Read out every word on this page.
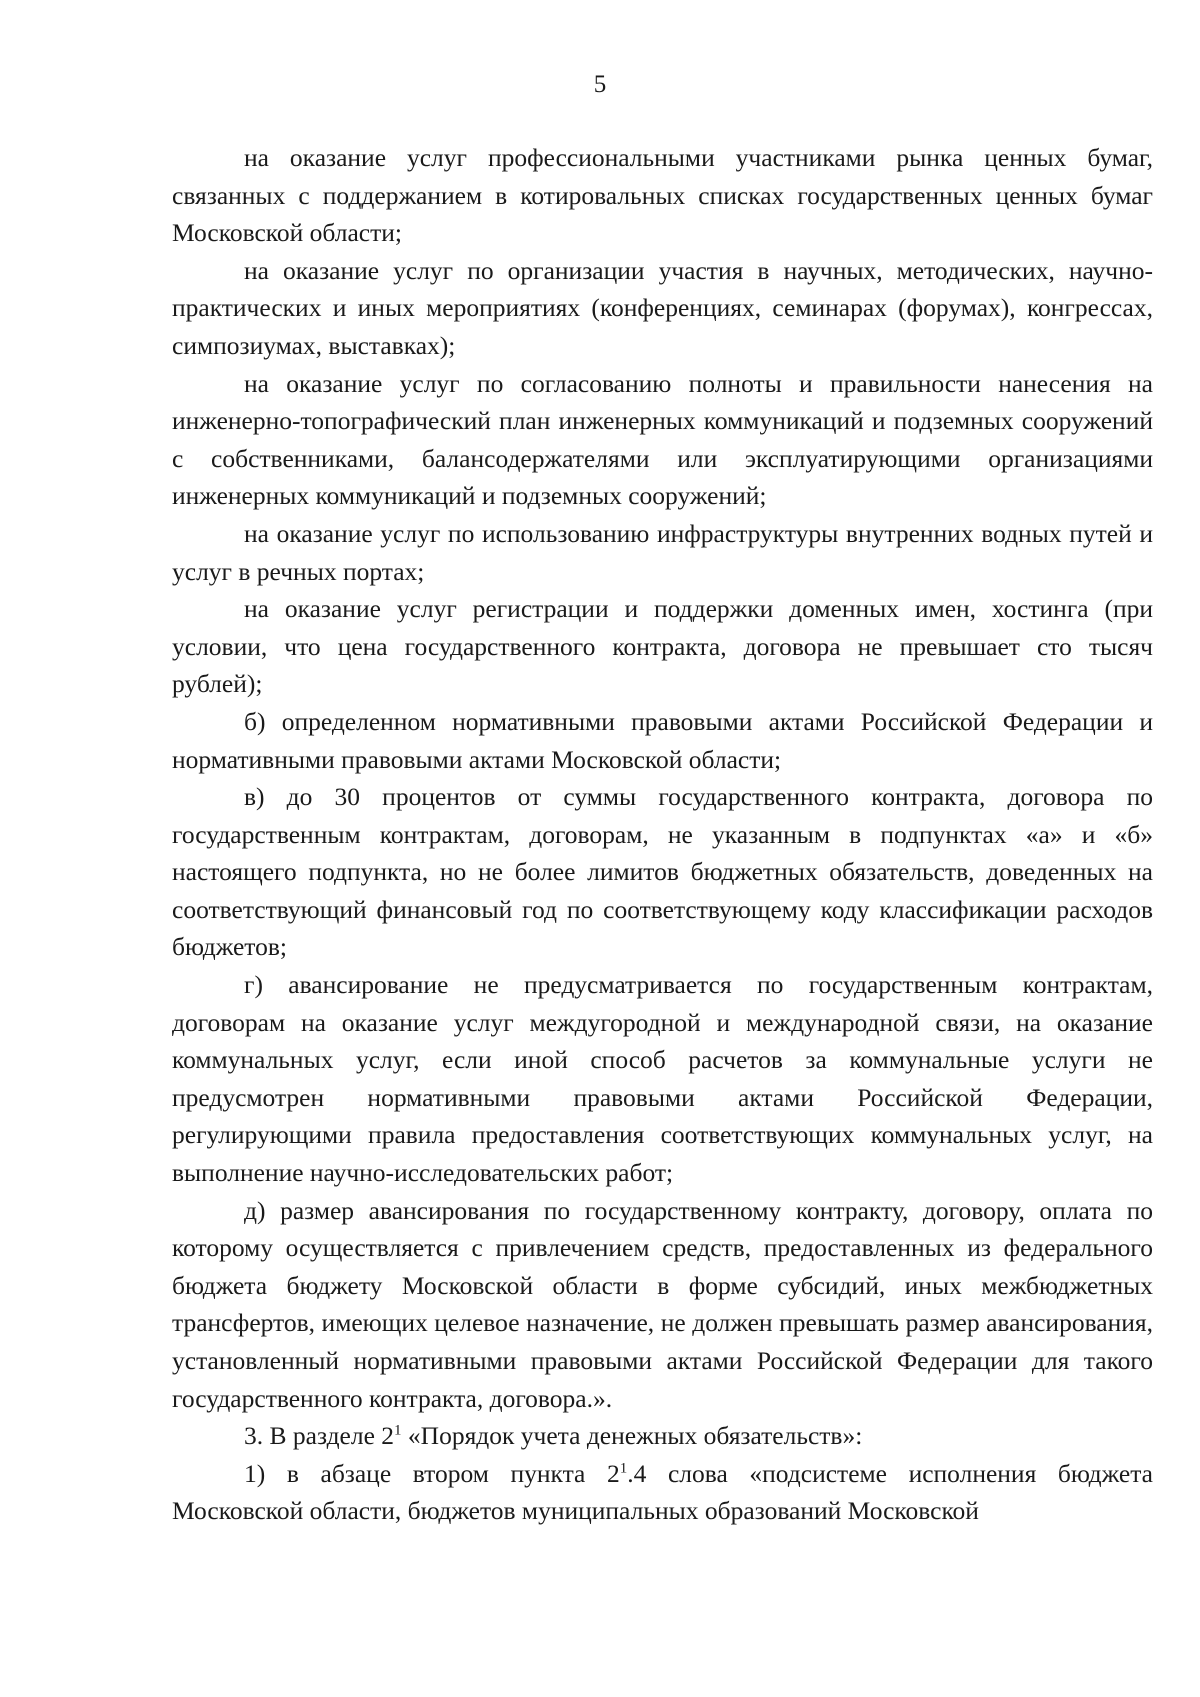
5

на оказание услуг профессиональными участниками рынка ценных бумаг, связанных с поддержанием в котировальных списках государственных ценных бумаг Московской области;

на оказание услуг по организации участия в научных, методических, научно-практических и иных мероприятиях (конференциях, семинарах (форумах), конгрессах, симпозиумах, выставках);

на оказание услуг по согласованию полноты и правильности нанесения на инженерно-топографический план инженерных коммуникаций и подземных сооружений с собственниками, балансодержателями или эксплуатирующими организациями инженерных коммуникаций и подземных сооружений;

на оказание услуг по использованию инфраструктуры внутренних водных путей и услуг в речных портах;

на оказание услуг регистрации и поддержки доменных имен, хостинга (при условии, что цена государственного контракта, договора не превышает сто тысяч рублей);

б) определенном нормативными правовыми актами Российской Федерации и нормативными правовыми актами Московской области;

в) до 30 процентов от суммы государственного контракта, договора по государственным контрактам, договорам, не указанным в подпунктах «а» и «б» настоящего подпункта, но не более лимитов бюджетных обязательств, доведенных на соответствующий финансовый год по соответствующему коду классификации расходов бюджетов;

г) авансирование не предусматривается по государственным контрактам, договорам на оказание услуг междугородной и международной связи, на оказание коммунальных услуг, если иной способ расчетов за коммунальные услуги не предусмотрен нормативными правовыми актами Российской Федерации, регулирующими правила предоставления соответствующих коммунальных услуг, на выполнение научно-исследовательских работ;

д) размер авансирования по государственному контракту, договору, оплата по которому осуществляется с привлечением средств, предоставленных из федерального бюджета бюджету Московской области в форме субсидий, иных межбюджетных трансфертов, имеющих целевое назначение, не должен превышать размер авансирования, установленный нормативными правовыми актами Российской Федерации для такого государственного контракта, договора.».

3. В разделе $2^1$ «Порядок учета денежных обязательств»:

1) в абзаце втором пункта $2^1.4$ слова «подсистеме исполнения бюджета Московской области, бюджетов муниципальных образований Московской
